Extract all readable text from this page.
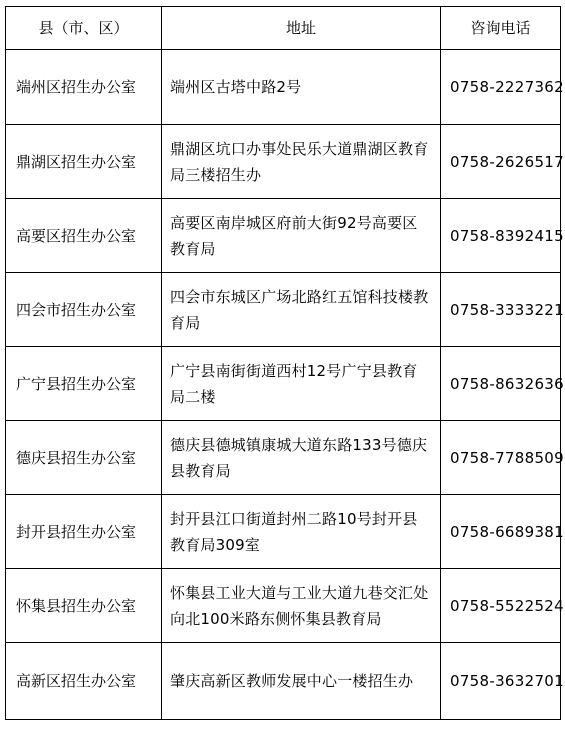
县（市、区）	地址	咨询电话
端州区招生办公室	端州区古塔中路2号	0758-2227362
鼎湖区招生办公室	鼎湖区坑口办事处民乐大道鼎湖区教育局三楼招生办	0758-2626517
高要区招生办公室	高要区南岸城区府前大街92号高要区教育局	0758-8392415
四会市招生办公室	四会市东城区广场北路红五馆科技楼教育局	0758-3333221
广宁县招生办公室	广宁县南街街道西村12号广宁县教育局二楼	0758-8632636
德庆县招生办公室	德庆县德城镇康城大道东路133号德庆县教育局	0758-7788509
封开县招生办公室	封开县江口街道封州二路10号封开县教育局309室	0758-6689381
怀集县招生办公室	怀集县工业大道与工业大道九巷交汇处向北100米路东侧怀集县教育局	0758-5522524
高新区招生办公室	肇庆高新区教师发展中心一楼招生办	0758-3632701
